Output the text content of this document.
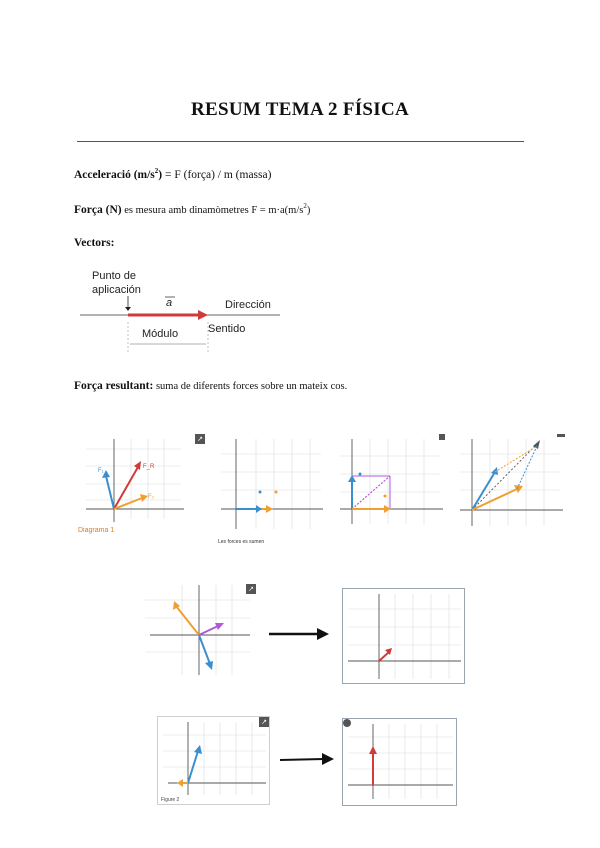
RESUM TEMA 2 FÍSICA
Acceleració $(m/s^2) = F$ (força) / m (massa)
Força (N) es mesura amb dinamòmetres $F = m\cdot a(m/s^2)$
Vectors:
Punto de
aplicación
a	Dirección
Sentido
Módulo
Força resultant: suma de diferents forces sobre un mateix cos.
F_R
F₁
F₂
Diagrama 1
↗
Les forces es sumen
↗
Figure 2
↗
